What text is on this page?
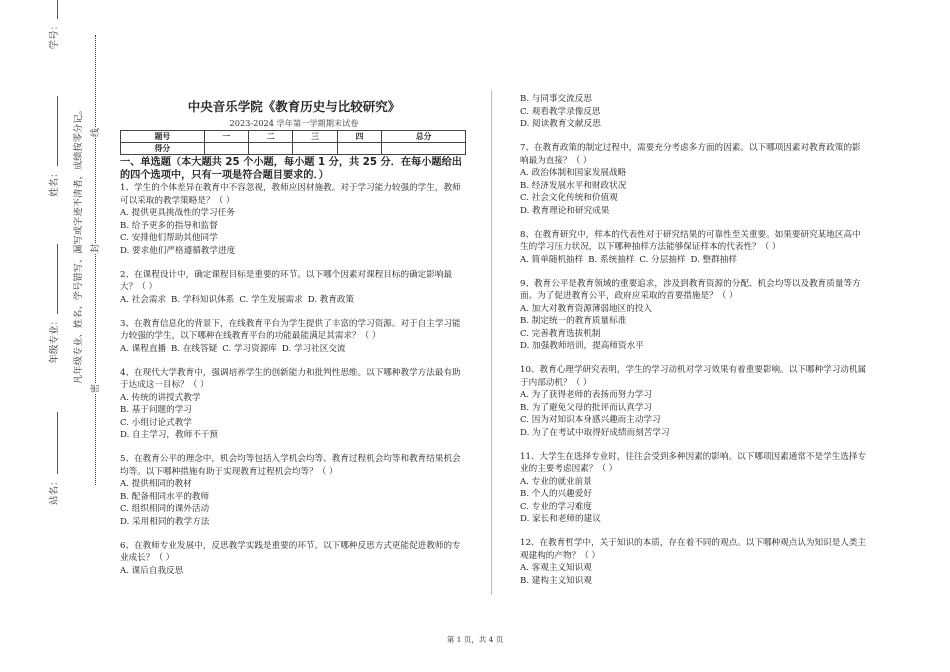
站名： 年级专业： 姓名： 学号：
凡年级专业、姓名、学号错写、漏写或字迹不清者，成绩按零分记。
密
封
线
中央音乐学院《教育历史与比较研究》
2023-2024 学年第一学期期末试卷
题号	一	二	三	四	总分
得分					
一、单选题（本大题共 25 个小题，每小题 1 分，共 25 分．在每小题给出的四个选项中，只有一项是符合题目要求的．）
1、学生的个体差异在教育中不容忽视，教师应因材施教。对于学习能力较强的学生，教师可以采取的教学策略是？（ ）
A. 提供更具挑战性的学习任务
B. 给予更多的指导和监督
C. 安排他们帮助其他同学
D. 要求他们严格遵循教学进度
2、在课程设计中，确定课程目标是重要的环节。以下哪个因素对课程目标的确定影响最大？（ ）
A. 社会需求 B. 学科知识体系 C. 学生发展需求 D. 教育政策
3、在教育信息化的背景下，在线教育平台为学生提供了丰富的学习资源。对于自主学习能力较强的学生，以下哪种在线教育平台的功能最能满足其需求？（ ）
A. 课程直播 B. 在线答疑 C. 学习资源库 D. 学习社区交流
4、在现代大学教育中，强调培养学生的创新能力和批判性思维。以下哪种教学方法最有助于达成这一目标？（ ）
A. 传统的讲授式教学
B. 基于问题的学习
C. 小组讨论式教学
D. 自主学习，教师不干预
5、在教育公平的理念中，机会均等包括入学机会均等、教育过程机会均等和教育结果机会均等。以下哪种措施有助于实现教育过程机会均等？（ ）
A. 提供相同的教材
B. 配备相同水平的教师
C. 组织相同的课外活动
D. 采用相同的教学方法
6、在教师专业发展中，反思教学实践是重要的环节。以下哪种反思方式更能促进教师的专业成长？（ ）
A. 课后自我反思
B. 与同事交流反思
C. 观看教学录像反思
D. 阅读教育文献反思
7、在教育政策的制定过程中，需要充分考虑多方面的因素。以下哪项因素对教育政策的影响最为直接？（ ）
A. 政治体制和国家发展战略
B. 经济发展水平和财政状况
C. 社会文化传统和价值观
D. 教育理论和研究成果
8、在教育研究中，样本的代表性对于研究结果的可靠性至关重要。如果要研究某地区高中生的学习压力状况，以下哪种抽样方法能够保证样本的代表性？（ ）
A. 简单随机抽样 B. 系统抽样 C. 分层抽样 D. 整群抽样
9、教育公平是教育领域的重要追求，涉及到教育资源的分配、机会均等以及教育质量等方面。为了促进教育公平，政府应采取的首要措施是？（ ）
A. 加大对教育资源薄弱地区的投入
B. 制定统一的教育质量标准
C. 完善教育选拔机制
D. 加强教师培训，提高师资水平
10、教育心理学研究表明，学生的学习动机对学习效果有着重要影响。以下哪种学习动机属于内部动机？（ ）
A. 为了获得老师的表扬而努力学习
B. 为了避免父母的批评而认真学习
C. 因为对知识本身感兴趣而主动学习
D. 为了在考试中取得好成绩而刻苦学习
11、大学生在选择专业时，往往会受到多种因素的影响。以下哪项因素通常不是学生选择专业的主要考虑因素？（ ）
A. 专业的就业前景
B. 个人的兴趣爱好
C. 专业的学习难度
D. 家长和老师的建议
12、在教育哲学中，关于知识的本质，存在着不同的观点。以下哪种观点认为知识是人类主观建构的产物？（ ）
A. 客观主义知识观
B. 建构主义知识观
第 1 页，共 4 页
